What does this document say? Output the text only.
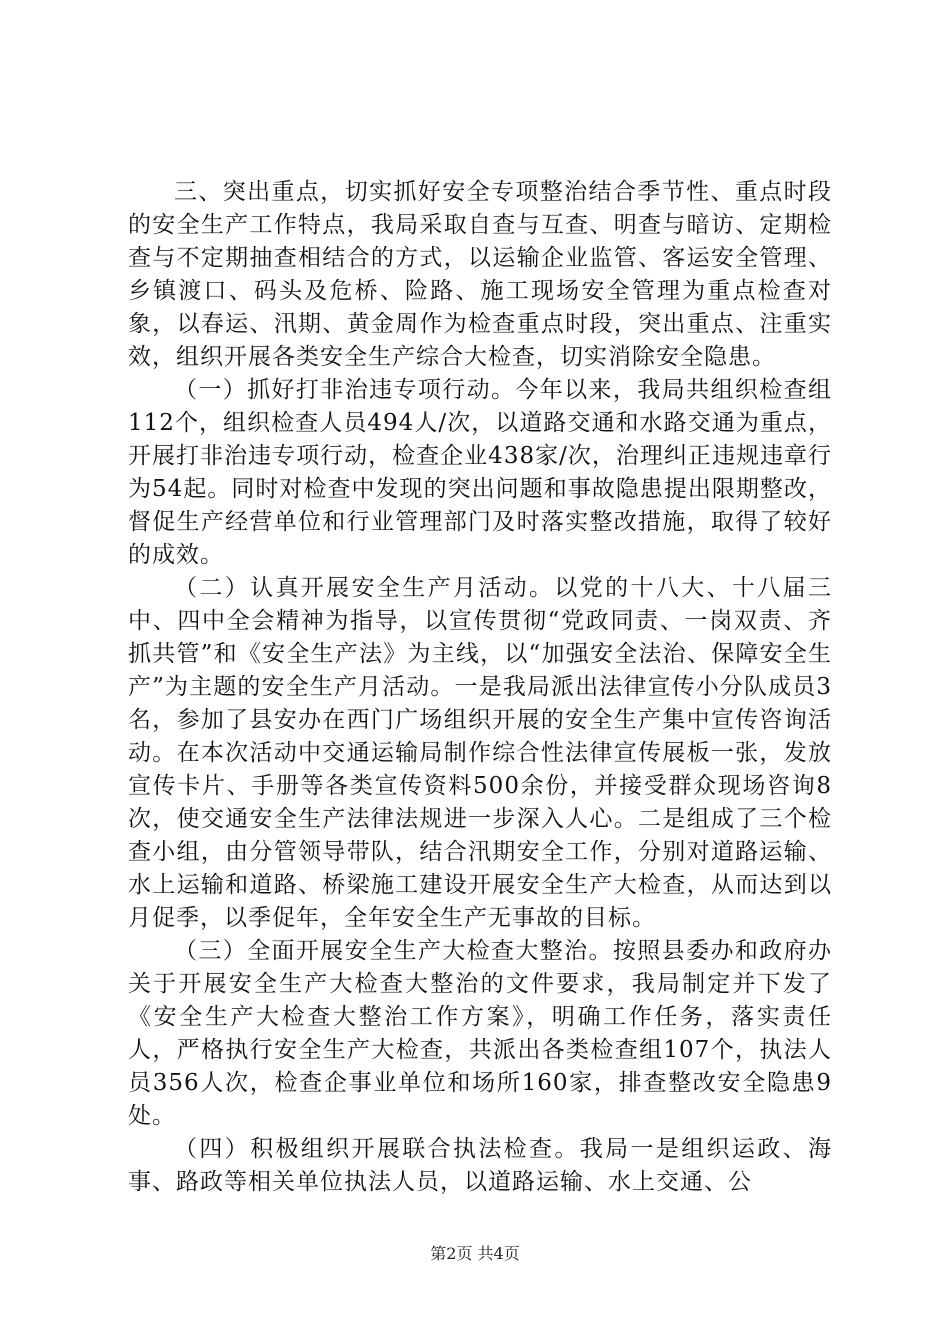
三、突出重点，切实抓好安全专项整治结合季节性、重点时段的安全生产工作特点，我局采取自查与互查、明查与暗访、定期检查与不定期抽查相结合的方式，以运输企业监管、客运安全管理、乡镇渡口、码头及危桥、险路、施工现场安全管理为重点检查对象，以春运、汛期、黄金周作为检查重点时段，突出重点、注重实效，组织开展各类安全生产综合大检查，切实消除安全隐患。

（一）抓好打非治违专项行动。今年以来，我局共组织检查组112个，组织检查人员494人/次，以道路交通和水路交通为重点，开展打非治违专项行动，检查企业438家/次，治理纠正违规违章行为54起。同时对检查中发现的突出问题和事故隐患提出限期整改，督促生产经营单位和行业管理部门及时落实整改措施，取得了较好的成效。

（二）认真开展安全生产月活动。以党的十八大、十八届三中、四中全会精神为指导，以宣传贯彻“党政同责、一岗双责、齐抓共管”和《安全生产法》为主线，以“加强安全法治、保障安全生产”为主题的安全生产月活动。一是我局派出法律宣传小分队成员3名，参加了县安办在西门广场组织开展的安全生产集中宣传咨询活动。在本次活动中交通运输局制作综合性法律宣传展板一张，发放宣传卡片、手册等各类宣传资料500余份，并接受群众现场咨询8次，使交通安全生产法律法规进一步深入人心。二是组成了三个检查小组，由分管领导带队，结合汛期安全工作，分别对道路运输、水上运输和道路、桥梁施工建设开展安全生产大检查，从而达到以月促季，以季促年，全年安全生产无事故的目标。

（三）全面开展安全生产大检查大整治。按照县委办和政府办关于开展安全生产大检查大整治的文件要求，我局制定并下发了《安全生产大检查大整治工作方案》，明确工作任务，落实责任人，严格执行安全生产大检查，共派出各类检查组107个，执法人员356人次，检查企事业单位和场所160家，排查整改安全隐患9处。

（四）积极组织开展联合执法检查。我局一是组织运政、海事、路政等相关单位执法人员，以道路运输、水上交通、公

第2页 共4页
